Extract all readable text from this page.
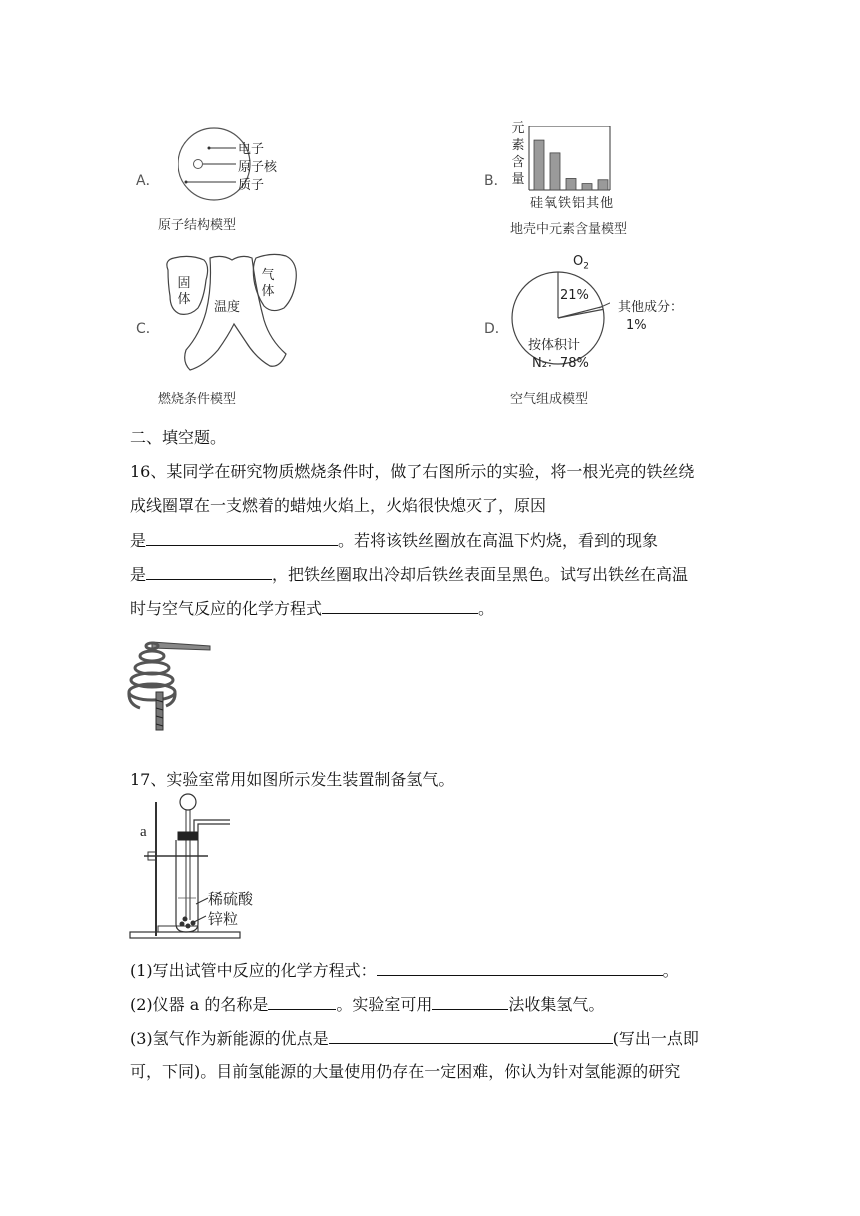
A．
电子
原子核
质子
原子结构模型
B．
元
素
含
量
硅氧铁铝其他
地壳中元素含量模型
C．
固
体
温度
气
体
燃烧条件模型
D．
$O_2$
21%
其他成分：
1%
按体积计
N₂：78%
空气组成模型
二、填空题。
16、某同学在研究物质燃烧条件时，做了右图所示的实验，将一根光亮的铁丝绕
成线圈罩在一支燃着的蜡烛火焰上，火焰很快熄灭了，原因
是	。若将该铁丝圈放在高温下灼烧，看到的现象
是	，把铁丝圈取出冷却后铁丝表面呈黑色。试写出铁丝在高温
时与空气反应的化学方程式	。
17、实验室常用如图所示发生装置制备氢气。
a
稀硫酸
锌粒
(1)写出试管中反应的化学方程式：	。
(2)仪器 a 的名称是	。实验室可用	法收集氢气。
(3)氢气作为新能源的优点是	(写出一点即
可，下同)。目前氢能源的大量使用仍存在一定困难，你认为针对氢能源的研究
